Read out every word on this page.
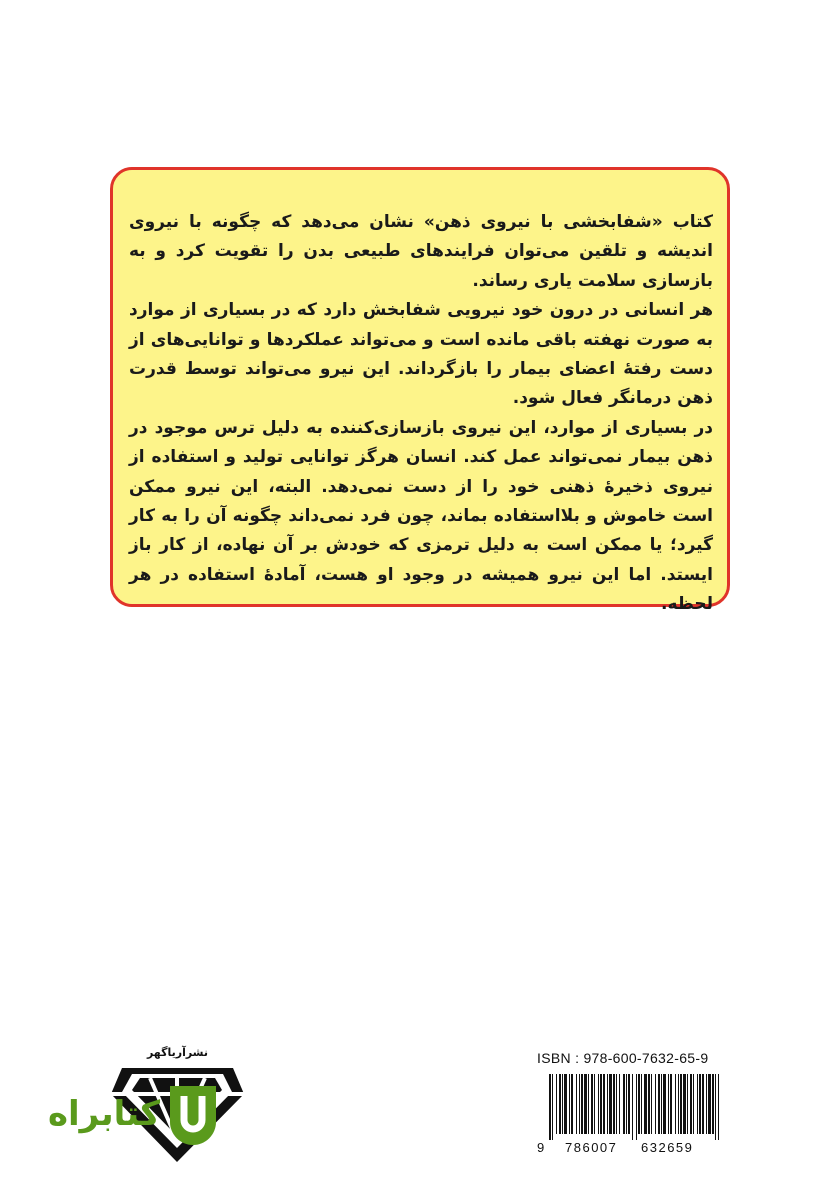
کتاب «شفابخشی با نیروی ذهن» نشان می‌دهد که چگونه با نیروی اندیشه و تلقین می‌توان فرایندهای طبیعی بدن را تقویت کرد و به بازسازی سلامت یاری رساند.

هر انسانی در درون خود نیرویی شفابخش دارد که در بسیاری از موارد به صورت نهفته باقی مانده است و می‌تواند عملکردها و توانایی‌های از دست رفتهٔ اعضای بیمار را بازگرداند. این نیرو می‌تواند توسط قدرت ذهن درمانگر فعال شود.

در بسیاری از موارد، این نیروی بازسازی‌کننده به دلیل ترس موجود در ذهن بیمار نمی‌تواند عمل کند. انسان هرگز توانایی تولید و استفاده از نیروی ذخیرهٔ ذهنی خود را از دست نمی‌دهد. البته، این نیرو ممکن است خاموش و بلااستفاده بماند، چون فرد نمی‌داند چگونه آن را به کار گیرد؛ یا ممکن است به دلیل ترمزی که خودش بر آن نهاده، از کار باز ایستد. اما این نیرو همیشه در وجود او هست، آمادهٔ استفاده در هر لحظه.

نشرآریاگهر
کتابراه
ISBN : 978-600-7632-65-9
9 786007 632659
